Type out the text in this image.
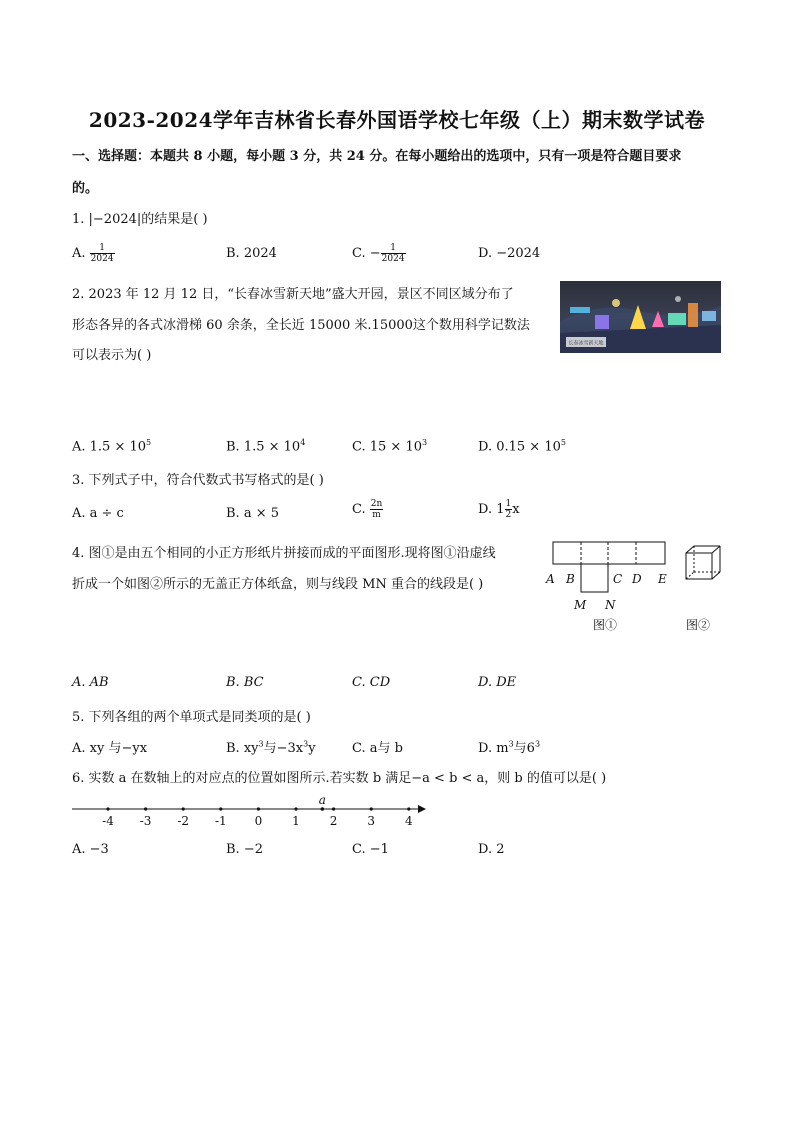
2023-2024学年吉林省长春外国语学校七年级（上）期末数学试卷
一、选择题：本题共 8 小题，每小题 3 分，共 24 分。在每小题给出的选项中，只有一项是符合题目要求
的。
1. |−2024|的结果是( )
A. $\frac{1}{2024}$	B. 2024	C. − $\frac{1}{2024}$	D. −2024
2. 2023 年 12 月 12 日，“长春冰雪新天地”盛大开园，景区不同区域分布了
形态各异的各式冰滑梯 60 余条，全长近 15000 米.15000这个数用科学记数法
可以表示为( )
长春冰雪新天地
A. $1.5 \times 10^5$	B. $1.5 \times 10^4$	C. $15 \times 10^3$	D. $0.15 \times 10^5$
3. 下列式子中，符合代数式书写格式的是( )
A. a ÷ c	B. a × 5	C. $\frac{2n}{m}$	D. $1 \frac{1}{2}$ x
4. 图①是由五个相同的小正方形纸片拼接而成的平面图形.现将图①沿虚线
折成一个如图②所示的无盖正方体纸盒，则与线段 MN 重合的线段是( )	A B	C D E
M N
图①	图②
A. AB	B. BC	C. CD	D. DE
5. 下列各组的两个单项式是同类项的是( )
A. xy 与−yx	B. $xy^3$与$-3x^3y$	C. a与 b	D. $m^3$与$6^3$
6. 实数 a 在数轴上的对应点的位置如图所示.若实数 b 满足−a < b < a，则 b 的值可以是( )
-4 -3 -2 -1 0 1 2 3 4
a
A. −3	B. −2	C. −1	D. 2
